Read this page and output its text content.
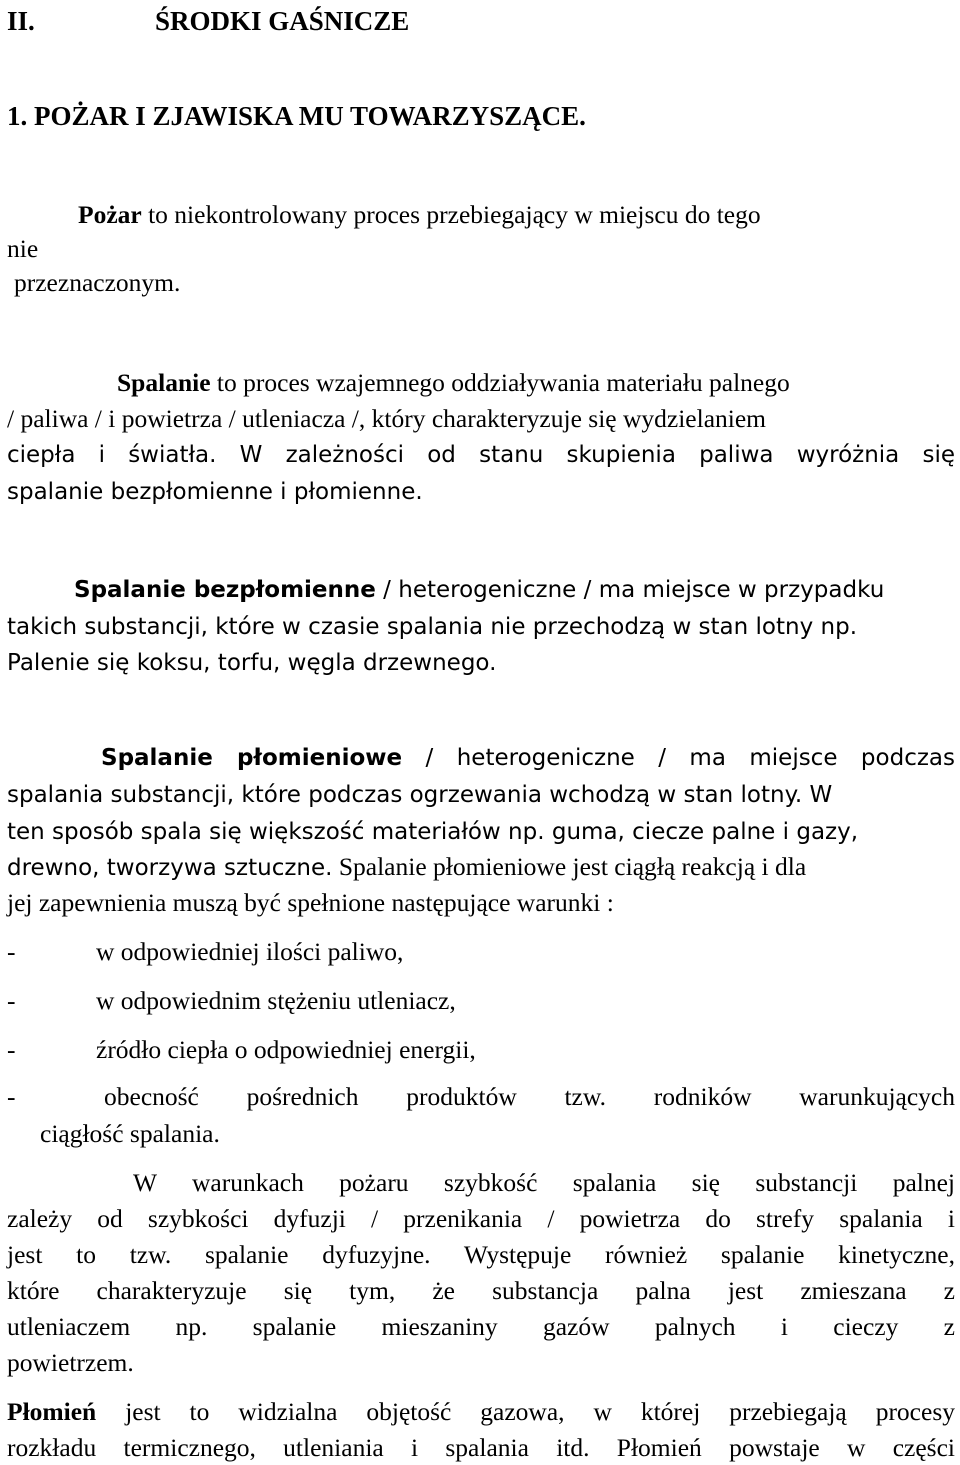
II.	ŚRODKI GAŚNICZE
1. POŻAR I ZJAWISKA MU TOWARZYSZĄCE.
Pożar to niekontrolowany proces przebiegający w miejscu do tego
nie
przeznaczonym.
Spalanie to proces wzajemnego oddziaływania materiału palnego
/ paliwa / i powietrza / utleniacza /, który charakteryzuje się wydzielaniem
ciepła i światła. W zależności od stanu skupienia paliwa wyróżnia się
spalanie bezpłomienne i płomienne.
Spalanie bezpłomienne / heterogeniczne / ma miejsce w przypadku
takich substancji, które w czasie spalania nie przechodzą w stan lotny np.
Palenie się koksu, torfu, węgla drzewnego.
Spalanie płomieniowe / heterogeniczne / ma miejsce podczas
spalania substancji, które podczas ogrzewania wchodzą w stan lotny. W
ten sposób spala się większość materiałów np. guma, ciecze palne i gazy,
drewno, tworzywa sztuczne. Spalanie płomieniowe jest ciągłą reakcją i dla
jej zapewnienia muszą być spełnione następujące warunki :
-	w odpowiedniej ilości paliwo,
-	w odpowiednim stężeniu utleniacz,
-	źródło ciepła o odpowiedniej energii,
-	obecność pośrednich produktów tzw. rodników warunkujących
ciągłość spalania.
W warunkach pożaru szybkość spalania się substancji palnej
zależy od szybkości dyfuzji / przenikania / powietrza do strefy spalania i
jest to tzw. spalanie dyfuzyjne. Występuje również spalanie kinetyczne,
które charakteryzuje się tym, że substancja palna jest zmieszana z
utleniaczem np. spalanie mieszaniny gazów palnych i cieczy z
powietrzem.
Płomień jest to widzialna objętość gazowa, w której przebiegają procesy
rozkładu termicznego, utleniania i spalania itd. Płomień powstaje w części
